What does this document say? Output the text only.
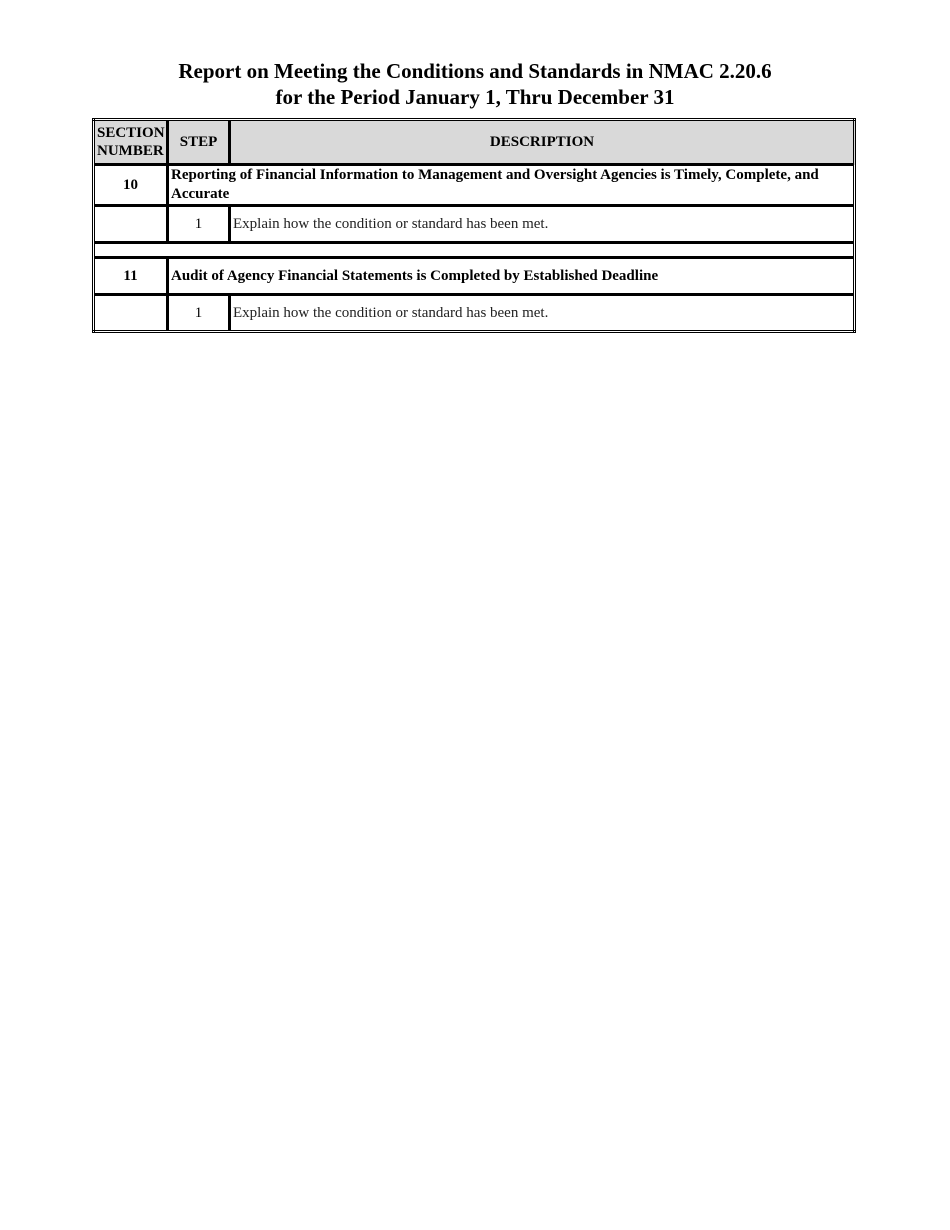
Report on Meeting the Conditions and Standards in NMAC 2.20.6
for the Period January 1, Thru December 31
SECTION
NUMBER	STEP	DESCRIPTION
10	Reporting of Financial Information to Management and Oversight Agencies is Timely, Complete, and Accurate	
	1	Explain how the condition or standard has been met.

11	Audit of Agency Financial Statements is Completed by Established Deadline	
	1	Explain how the condition or standard has been met.
